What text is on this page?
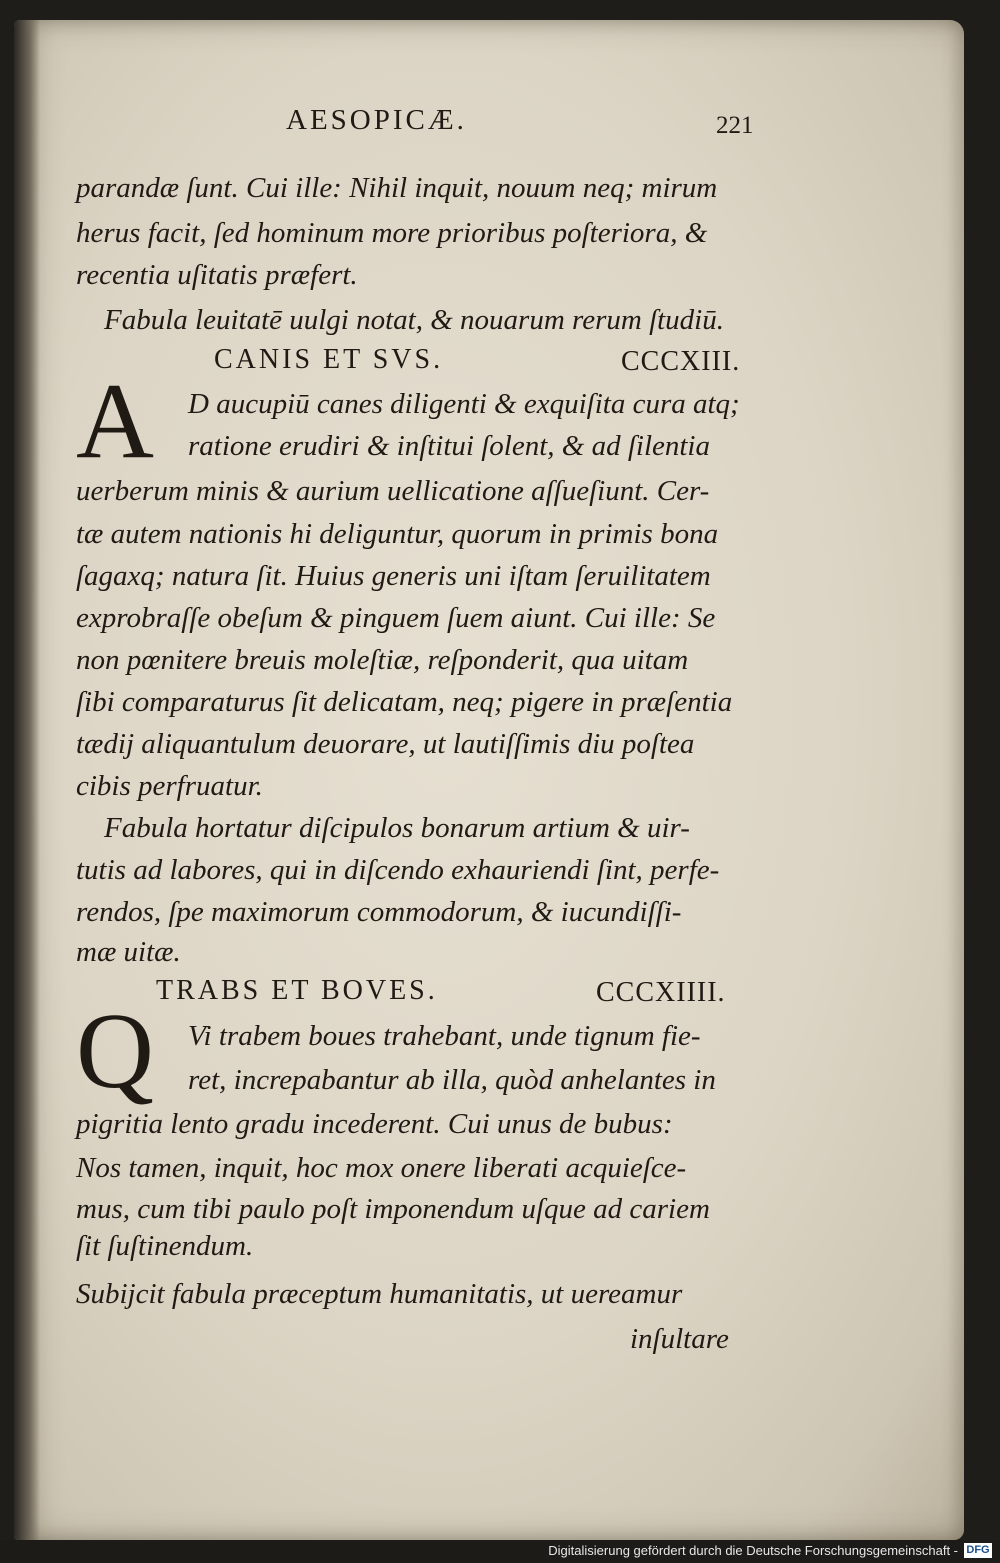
AESOPICÆ.	221
parandæ ſunt. Cui ille: Nihil inquit, nouum neq; mirum
herus facit, ſed hominum more prioribus poſteriora, &
recentia uſitatis præfert.
Fabula leuitatē uulgi notat, & nouarum rerum ſtudiū.
CANIS ET SVS.	CCCXIII.
A D aucupiū canes diligenti & exquiſita cura atq;
ratione erudiri & inſtitui ſolent, & ad ſilentia
uerberum minis & aurium uellicatione aſſueſiunt. Cer-
tæ autem nationis hi deliguntur, quorum in primis bona
ſagaxq; natura ſit. Huius generis uni iſtam ſeruilitatem
exprobraſſe obeſum & pinguem ſuem aiunt. Cui ille: Se
non pœnitere breuis moleſtiæ, reſponderit, qua uitam
ſibi comparaturus ſit delicatam, neq; pigere in præſentia
tædij aliquantulum deuorare, ut lautiſſimis diu poſtea
cibis perfruatur.
Fabula hortatur diſcipulos bonarum artium & uir-
tutis ad labores, qui in diſcendo exhauriendi ſint, perfe-
rendos, ſpe maximorum commodorum, & iucundiſſi-
mæ uitæ.
TRABS ET BOVES.	CCCXIIII.
Q Vi trabem boues trahebant, unde tignum fie-
ret, increpabantur ab illa, quòd anhelantes in
pigritia lento gradu incederent. Cui unus de bubus:
Nos tamen, inquit, hoc mox onere liberati acquieſce-
mus, cum tibi paulo poſt imponendum uſque ad cariem
ſit ſuſtinendum.
Subijcit fabula præceptum humanitatis, ut uereamur
inſultare
Digitalisierung gefördert durch die Deutsche Forschungsgemeinschaft - DFG
